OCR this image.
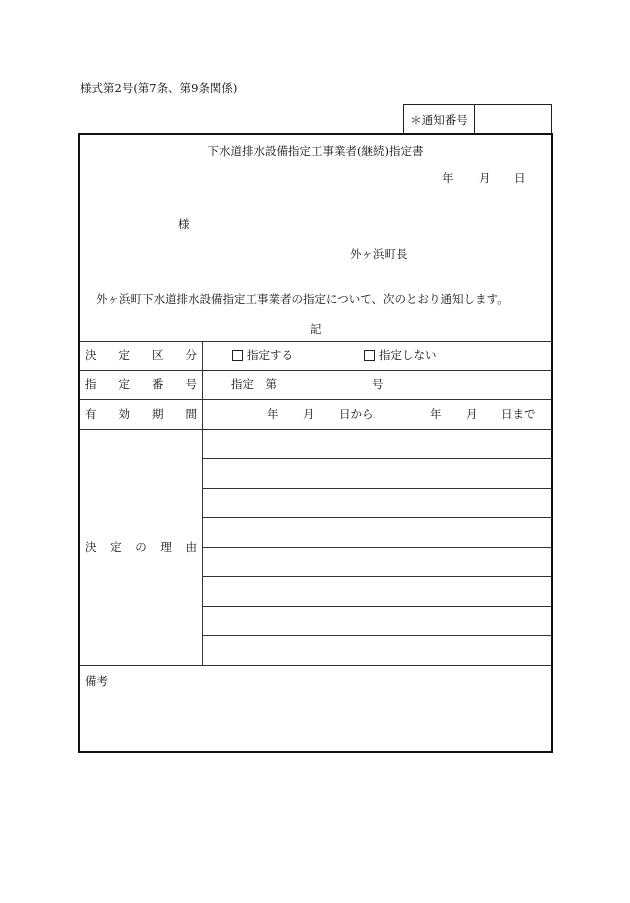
様式第2号(第7条、第9条関係)
＊通知番号
下水道排水設備指定工事業者(継続)指定書
年 月 日
様
外ヶ浜町長
外ヶ浜町下水道排水設備指定工事業者の指定について、次のとおり通知します。
記
決 定 区 分	指定する	指定しない
指 定 番 号	指定　第	号
有 効 期 間	年 月 日から	年 月 日まで
決 定 の 理 由
備考
